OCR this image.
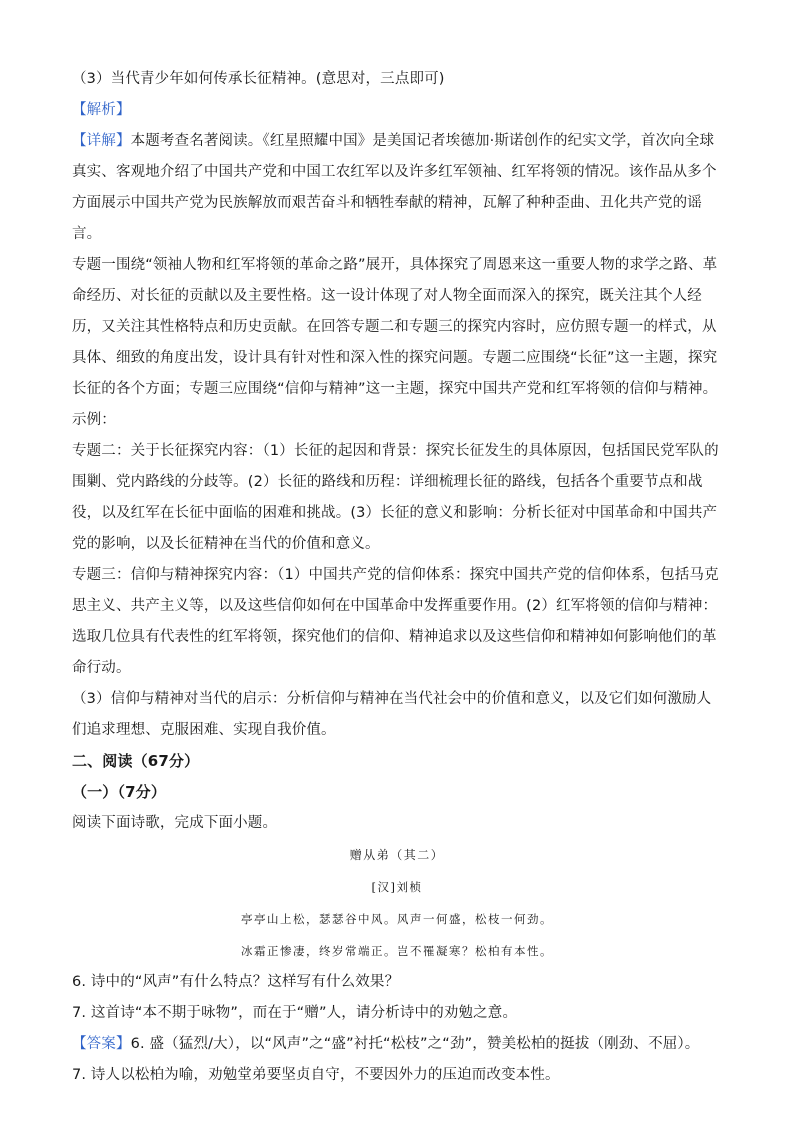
（3）当代青少年如何传承长征精神。(意思对，三点即可)

【解析】

【详解】本题考查名著阅读。《红星照耀中国》是美国记者埃德加·斯诺创作的纪实文学，首次向全球真实、客观地介绍了中国共产党和中国工农红军以及许多红军领袖、红军将领的情况。该作品从多个方面展示中国共产党为民族解放而艰苦奋斗和牺牲奉献的精神，瓦解了种种歪曲、丑化共产党的谣言。

专题一围绕“领袖人物和红军将领的革命之路”展开，具体探究了周恩来这一重要人物的求学之路、革命经历、对长征的贡献以及主要性格。这一设计体现了对人物全面而深入的探究，既关注其个人经历，又关注其性格特点和历史贡献。在回答专题二和专题三的探究内容时，应仿照专题一的样式，从具体、细致的角度出发，设计具有针对性和深入性的探究问题。专题二应围绕“长征”这一主题，探究长征的各个方面；专题三应围绕“信仰与精神”这一主题，探究中国共产党和红军将领的信仰与精神。

示例：

专题二：关于长征探究内容：（1）长征的起因和背景：探究长征发生的具体原因，包括国民党军队的围剿、党内路线的分歧等。(2）长征的路线和历程：详细梳理长征的路线，包括各个重要节点和战役，以及红军在长征中面临的困难和挑战。(3）长征的意义和影响：分析长征对中国革命和中国共产党的影响，以及长征精神在当代的价值和意义。

专题三：信仰与精神探究内容：（1）中国共产党的信仰体系：探究中国共产党的信仰体系，包括马克思主义、共产主义等，以及这些信仰如何在中国革命中发挥重要作用。(2）红军将领的信仰与精神：选取几位具有代表性的红军将领，探究他们的信仰、精神追求以及这些信仰和精神如何影响他们的革命行动。

（3）信仰与精神对当代的启示：分析信仰与精神在当代社会中的价值和意义，以及它们如何激励人们追求理想、克服困难、实现自我价值。

二、阅读（67分）

（一）（7分）

阅读下面诗歌，完成下面小题。

赠从弟（其二）

[汉]刘桢

亭亭山上松，瑟瑟谷中风。风声一何盛，松枝一何劲。

冰霜正惨凄，终岁常端正。岂不罹凝寒？松柏有本性。

6. 诗中的“风声”有什么特点？这样写有什么效果？

7. 这首诗“本不期于咏物”，而在于“赠”人，请分析诗中的劝勉之意。

【答案】6. 盛（猛烈/大），以“风声”之“盛”衬托“松枝”之“劲”，赞美松柏的挺拔（刚劲、不屈）。

7. 诗人以松柏为喻，劝勉堂弟要坚贞自守，不要因外力的压迫而改变本性。
